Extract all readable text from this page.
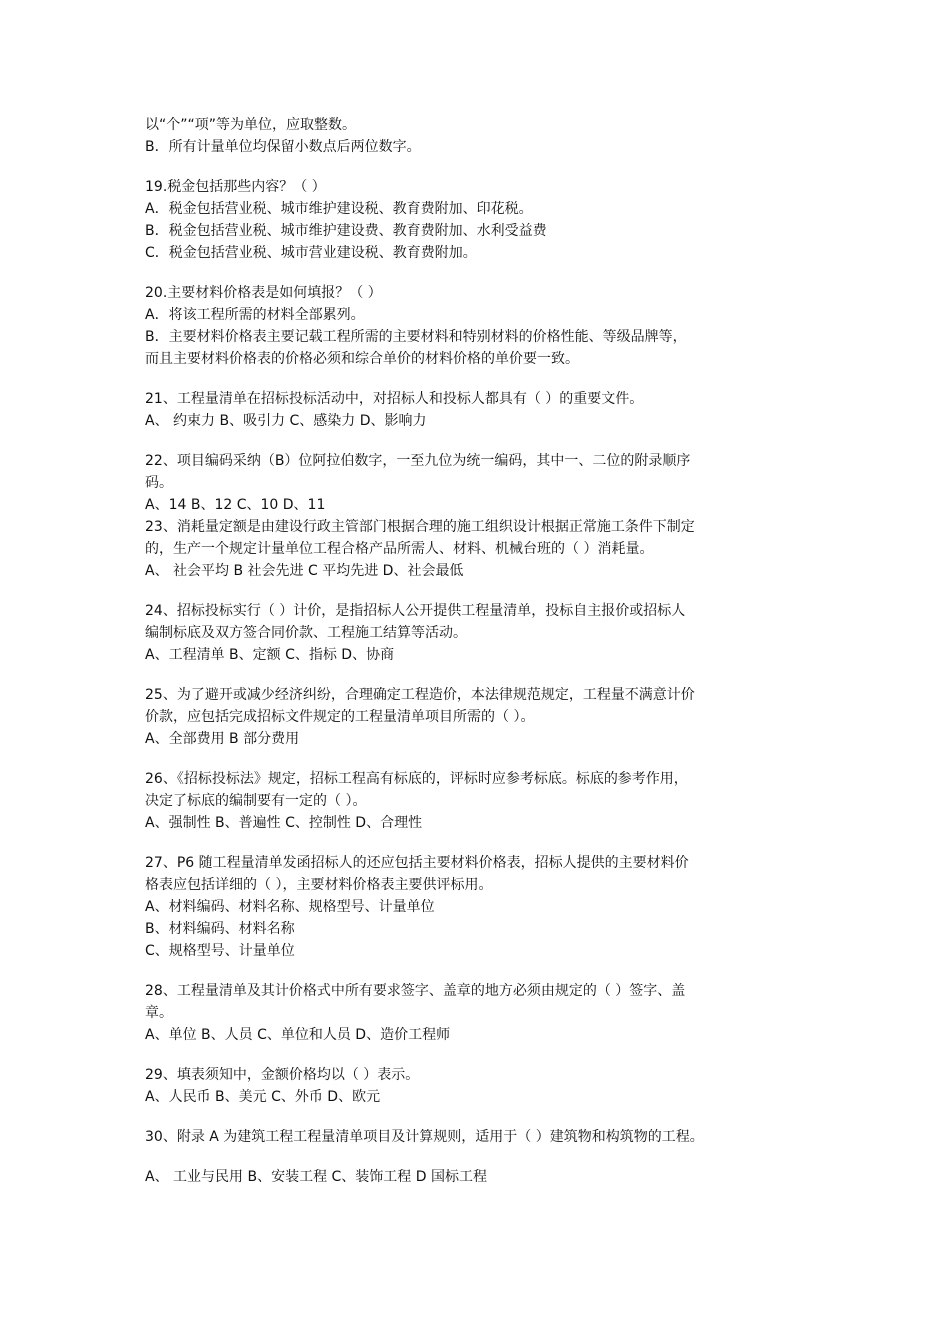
以“个”“项”等为单位，应取整数。
B．所有计量单位均保留小数点后两位数字。
19.税金包括那些内容？（ ）
A．税金包括营业税、城市维护建设税、教育费附加、印花税。
B．税金包括营业税、城市维护建设费、教育费附加、水利受益费
C．税金包括营业税、城市营业建设税、教育费附加。
20.主要材料价格表是如何填报？（ ）
A．将该工程所需的材料全部累列。
B．主要材料价格表主要记载工程所需的主要材料和特别材料的价格性能、等级品牌等，
而且主要材料价格表的价格必须和综合单价的材料价格的单价要一致。
21、工程量清单在招标投标活动中，对招标人和投标人都具有（ ）的重要文件。
A、 约束力 B、吸引力 C、感染力 D、影响力
22、项目编码采纳（B）位阿拉伯数字，一至九位为统一编码，其中一、二位的附录顺序
码。
A、14 B、12 C、10 D、11
23、消耗量定额是由建设行政主管部门根据合理的施工组织设计根据正常施工条件下制定
的，生产一个规定计量单位工程合格产品所需人、材料、机械台班的（ ）消耗量。
A、 社会平均 B 社会先进 C 平均先进 D、社会最低
24、招标投标实行（ ）计价，是指招标人公开提供工程量清单，投标自主报价或招标人
编制标底及双方签合同价款、工程施工结算等活动。
A、工程清单 B、定额 C、指标 D、协商
25、为了避开或减少经济纠纷，合理确定工程造价，本法律规范规定，工程量不满意计价
价款，应包括完成招标文件规定的工程量清单项目所需的（ ）。
A、全部费用 B 部分费用
26、《招标投标法》规定，招标工程高有标底的，评标时应参考标底。标底的参考作用，
决定了标底的编制要有一定的（ ）。
A、强制性 B、普遍性 C、控制性 D、合理性
27、P6 随工程量清单发函招标人的还应包括主要材料价格表，招标人提供的主要材料价
格表应包括详细的（ ），主要材料价格表主要供评标用。
A、材料编码、材料名称、规格型号、计量单位
B、材料编码、材料名称
C、规格型号、计量单位
28、工程量清单及其计价格式中所有要求签字、盖章的地方必须由规定的（ ）签字、盖
章。
A、单位 B、人员 C、单位和人员 D、造价工程师
29、填表须知中，金额价格均以（ ）表示。
A、人民币 B、美元 C、外币 D、欧元
30、附录 A 为建筑工程工程量清单项目及计算规则，适用于（ ）建筑物和构筑物的工程。
A、 工业与民用 B、安装工程 C、装饰工程 D 国标工程
